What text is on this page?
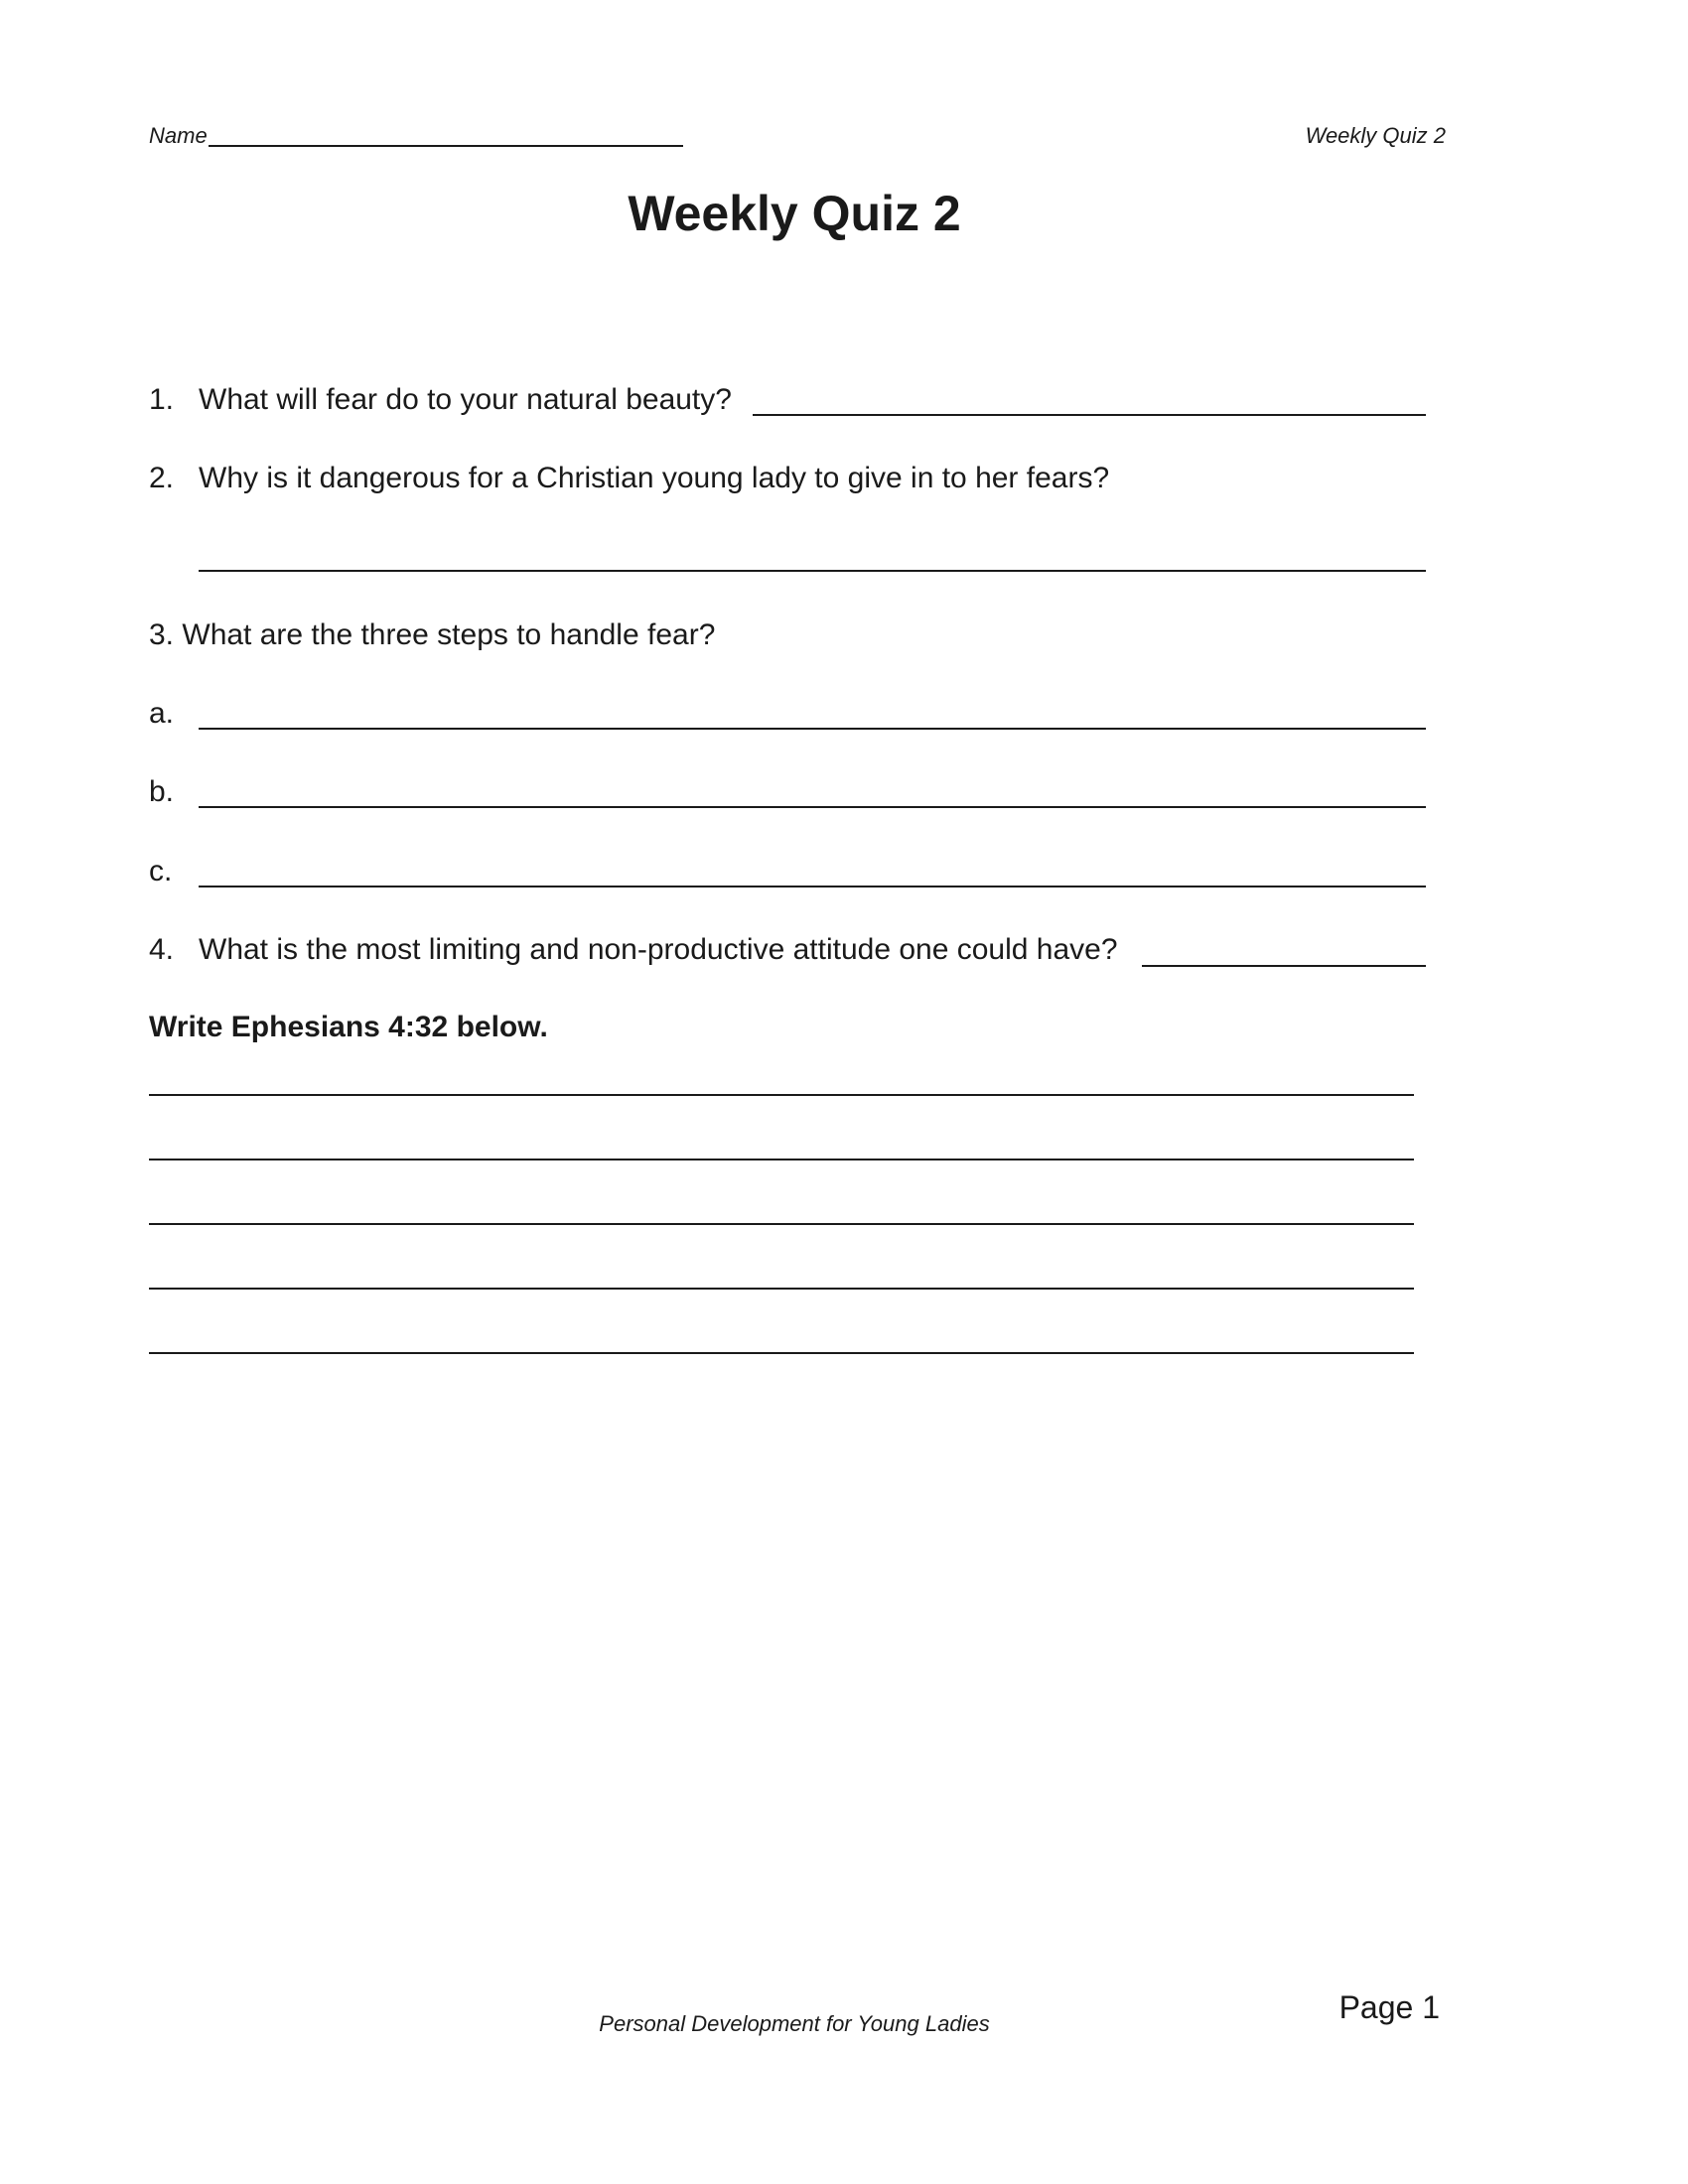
Name	Weekly Quiz 2
Weekly Quiz 2
1. What will fear do to your natural beauty?
2. Why is it dangerous for a Christian young lady to give in to her fears?
3. What are the three steps to handle fear?
a.
b.
c.
4. What is the most limiting and non-productive attitude one could have?
Write Ephesians 4:32 below.
Personal Development for Young Ladies	Page 1
